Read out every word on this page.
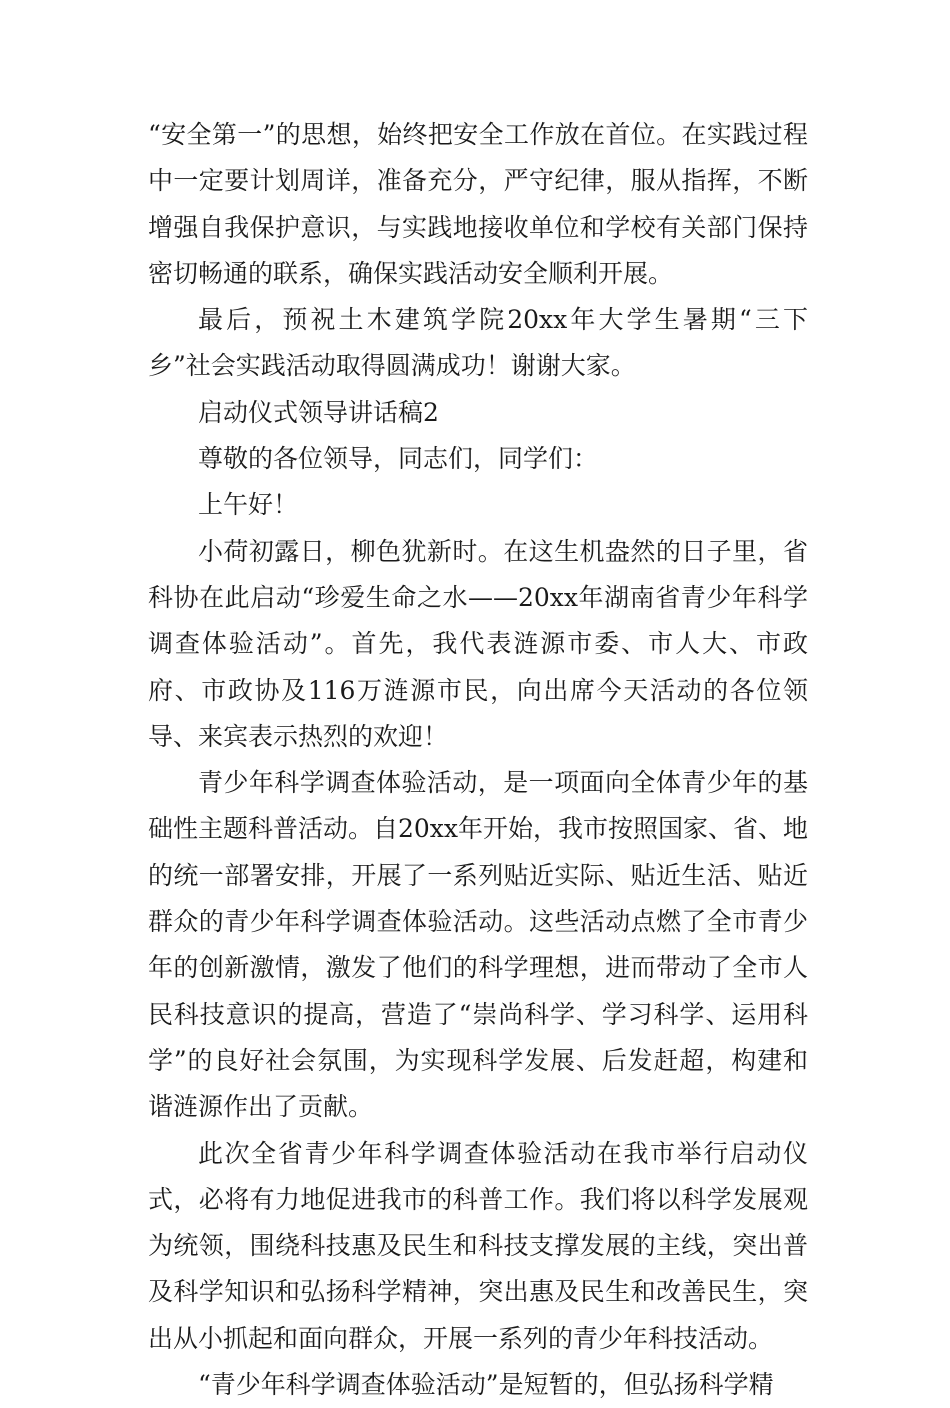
“安全第一”的思想，始终把安全工作放在首位。在实践过程中一定要计划周详，准备充分，严守纪律，服从指挥，不断增强自我保护意识，与实践地接收单位和学校有关部门保持密切畅通的联系，确保实践活动安全顺利开展。

最后，预祝土木建筑学院20xx年大学生暑期“三下乡”社会实践活动取得圆满成功！谢谢大家。

启动仪式领导讲话稿2

尊敬的各位领导，同志们，同学们：

上午好！

小荷初露日，柳色犹新时。在这生机盎然的日子里，省科协在此启动“珍爱生命之水——20xx年湖南省青少年科学调查体验活动”。首先，我代表涟源市委、市人大、市政府、市政协及116万涟源市民，向出席今天活动的各位领导、来宾表示热烈的欢迎！

青少年科学调查体验活动，是一项面向全体青少年的基础性主题科普活动。自20xx年开始，我市按照国家、省、地的统一部署安排，开展了一系列贴近实际、贴近生活、贴近群众的青少年科学调查体验活动。这些活动点燃了全市青少年的创新激情，激发了他们的科学理想，进而带动了全市人民科技意识的提高，营造了“崇尚科学、学习科学、运用科学”的良好社会氛围，为实现科学发展、后发赶超，构建和谐涟源作出了贡献。

此次全省青少年科学调查体验活动在我市举行启动仪式，必将有力地促进我市的科普工作。我们将以科学发展观为统领，围绕科技惠及民生和科技支撑发展的主线，突出普及科学知识和弘扬科学精神，突出惠及民生和改善民生，突出从小抓起和面向群众，开展一系列的青少年科技活动。

“青少年科学调查体验活动”是短暂的，但弘扬科学精
